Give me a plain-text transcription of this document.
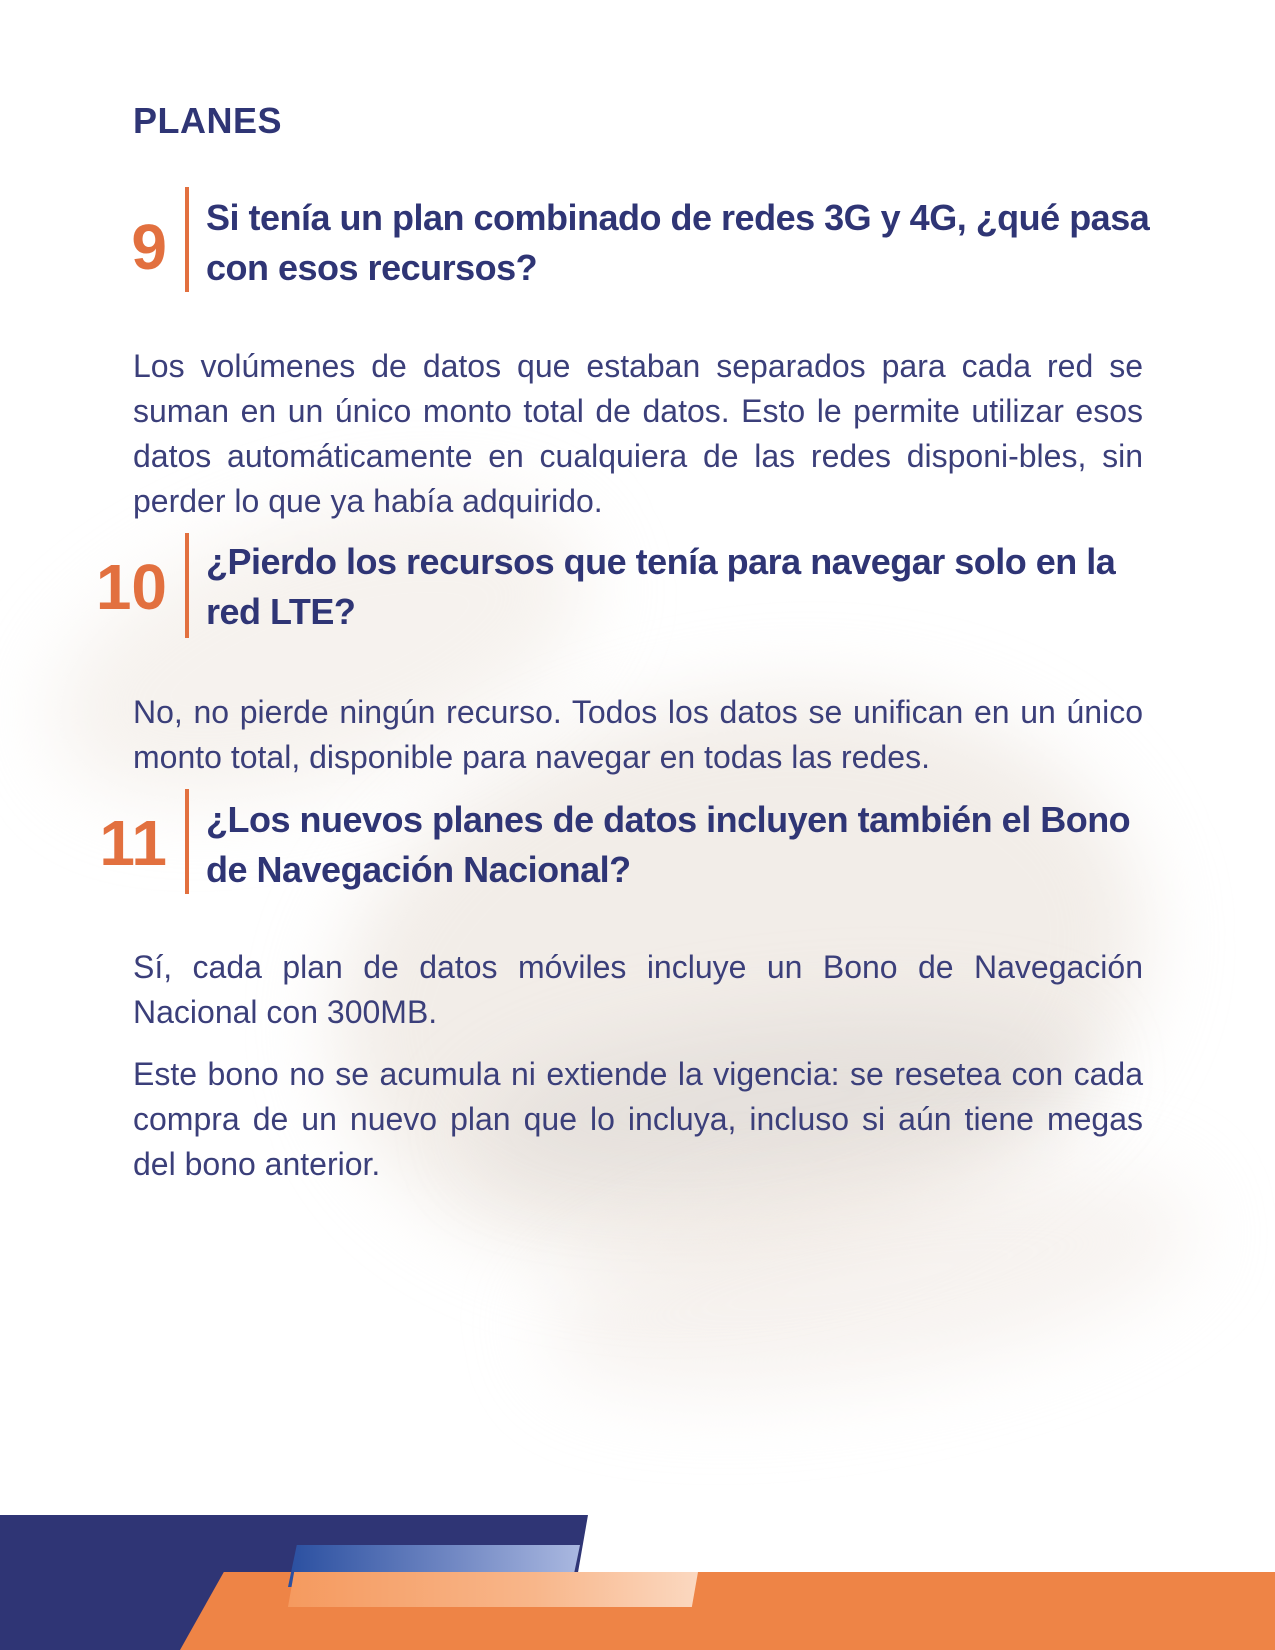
PLANES
9 Si tenía un plan combinado de redes 3G y 4G, ¿qué pasa con esos recursos?

Los volúmenes de datos que estaban separados para cada red se suman en un único monto total de datos. Esto le permite utilizar esos datos automáticamente en cualquiera de las redes disponi-bles, sin perder lo que ya había adquirido.

10 ¿Pierdo los recursos que tenía para navegar solo en la red LTE?

No, no pierde ningún recurso. Todos los datos se unifican en un único monto total, disponible para navegar en todas las redes.

11 ¿Los nuevos planes de datos incluyen también el Bono de Navegación Nacional?

Sí, cada plan de datos móviles incluye un Bono de Navegación Nacional con 300MB.

Este bono no se acumula ni extiende la vigencia: se resetea con cada compra de un nuevo plan que lo incluya, incluso si aún tiene megas del bono anterior.
